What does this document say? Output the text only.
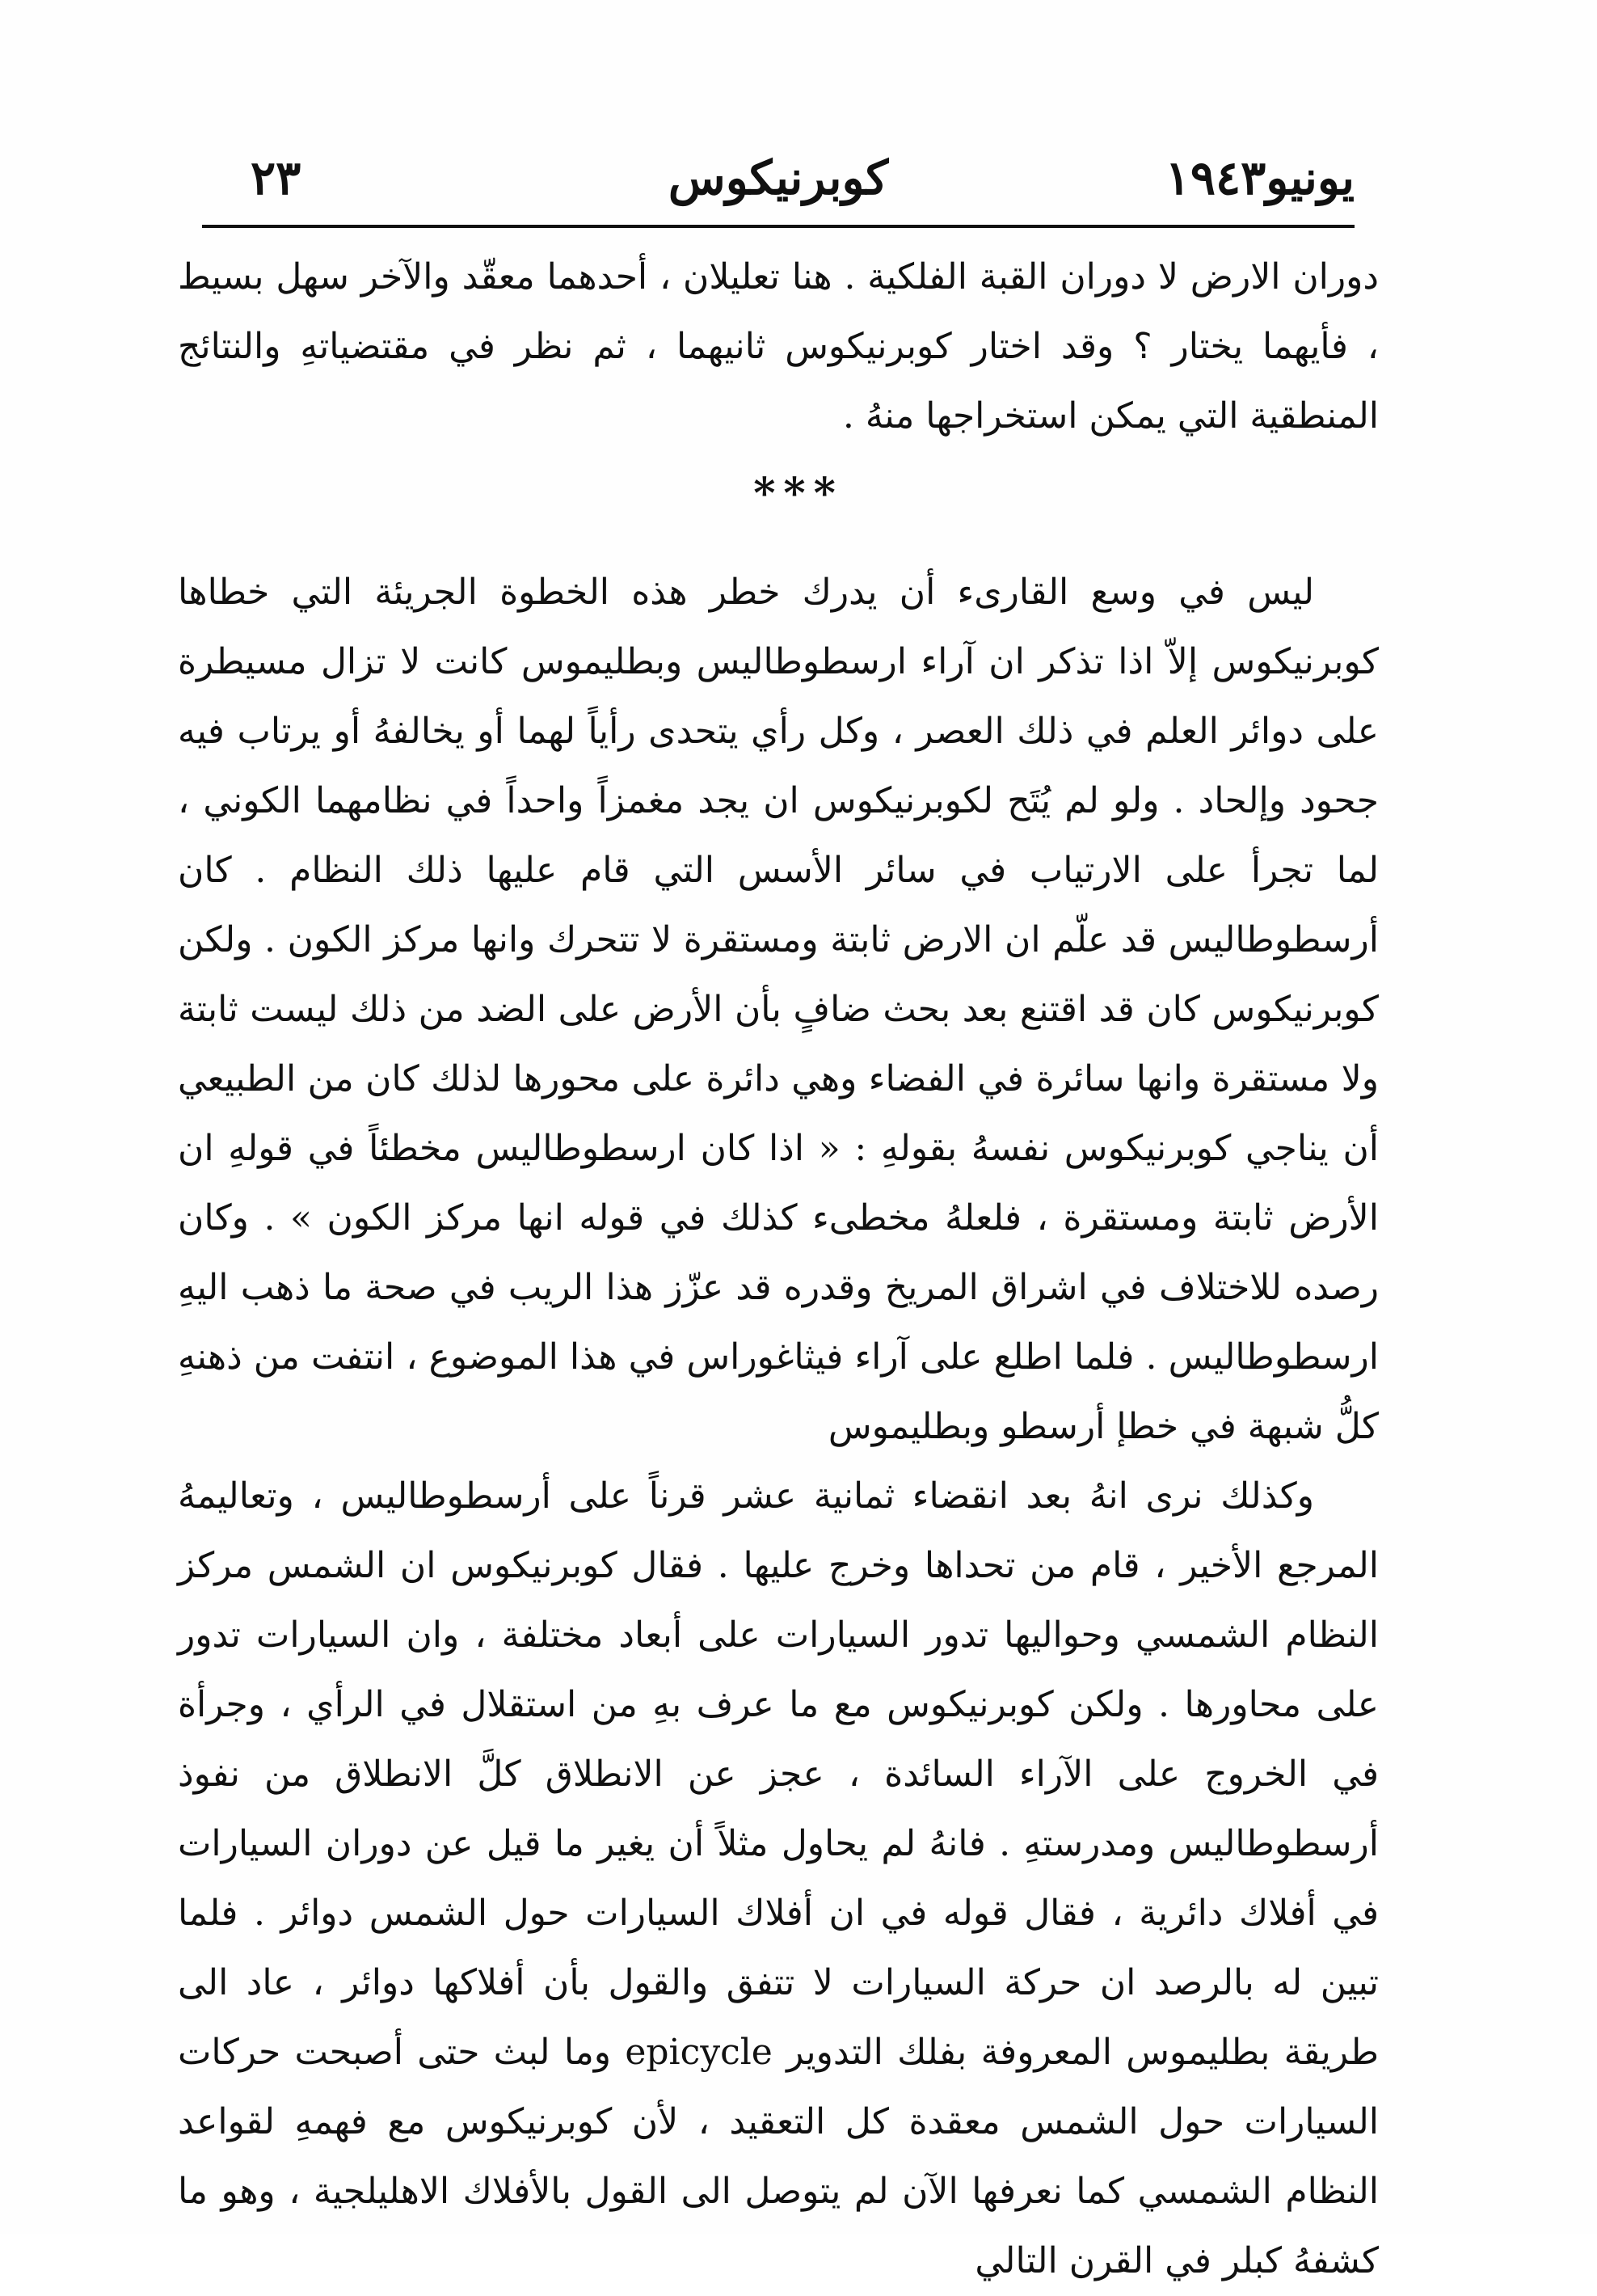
يونيو١٩٤٣
كوبرنيكوس
٢٣
دوران الارض لا دوران القبة الفلكية . هنا تعليلان ، أحدهما معقّد والآخر سهل بسيط ، فأيهما يختار ؟ وقد اختار كوبرنيكوس ثانيهما ، ثم نظر في مقتضياتهِ والنتائج المنطقية التي يمكن استخراجها منهُ .
***

ليس في وسع القارىء أن يدرك خطر هذه الخطوة الجريئة التي خطاها كوبرنيكوس إلاّ اذا تذكر ان آراء ارسطوطاليس وبطليموس كانت لا تزال مسيطرة على دوائر العلم في ذلك العصر ، وكل رأي يتحدى رأياً لهما أو يخالفهُ أو يرتاب فيه جحود وإلحاد . ولو لم يُتَح لكوبرنيكوس ان يجد مغمزاً واحداً في نظامهما الكوني ، لما تجرأ على الارتياب في سائر الأسس التي قام عليها ذلك النظام . كان أرسطوطاليس قد علّم ان الارض ثابتة ومستقرة لا تتحرك وانها مركز الكون . ولكن كوبرنيكوس كان قد اقتنع بعد بحث ضافٍ بأن الأرض على الضد من ذلك ليست ثابتة ولا مستقرة وانها سائرة في الفضاء وهي دائرة على محورها لذلك كان من الطبيعي أن يناجي كوبرنيكوس نفسهُ بقولهِ : « اذا كان ارسطوطاليس مخطئاً في قولهِ ان الأرض ثابتة ومستقرة ، فلعلهُ مخطىء كذلك في قوله انها مركز الكون » . وكان رصده للاختلاف في اشراق المريخ وقدره قد عزّز هذا الريب في صحة ما ذهب اليهِ ارسطوطاليس . فلما اطلع على آراء فيثاغوراس في هذا الموضوع ، انتفت من ذهنهِ كلُّ شبهة في خطإ أرسطو وبطليموس

وكذلك نرى انهُ بعد انقضاء ثمانية عشر قرناً على أرسطوطاليس ، وتعاليمهُ المرجع الأخير ، قام من تحداها وخرج عليها . فقال كوبرنيكوس ان الشمس مركز النظام الشمسي وحواليها تدور السيارات على أبعاد مختلفة ، وان السيارات تدور على محاورها . ولكن كوبرنيكوس مع ما عرف بهِ من استقلال في الرأي ، وجرأة في الخروج على الآراء السائدة ، عجز عن الانطلاق كلَّ الانطلاق من نفوذ أرسطوطاليس ومدرستهِ . فانهُ لم يحاول مثلاً أن يغير ما قيل عن دوران السيارات في أفلاك دائرية ، فقال قوله في ان أفلاك السيارات حول الشمس دوائر . فلما تبين له بالرصد ان حركة السيارات لا تتفق والقول بأن أفلاكها دوائر ، عاد الى طريقة بطليموس المعروفة بفلك التدوير epicycle وما لبث حتى أصبحت حركات السيارات حول الشمس معقدة كل التعقيد ، لأن كوبرنيكوس مع فهمهِ لقواعد النظام الشمسي كما نعرفها الآن لم يتوصل الى القول بالأفلاك الاهليلجية ، وهو ما كشفهُ كبلر في القرن التالي
